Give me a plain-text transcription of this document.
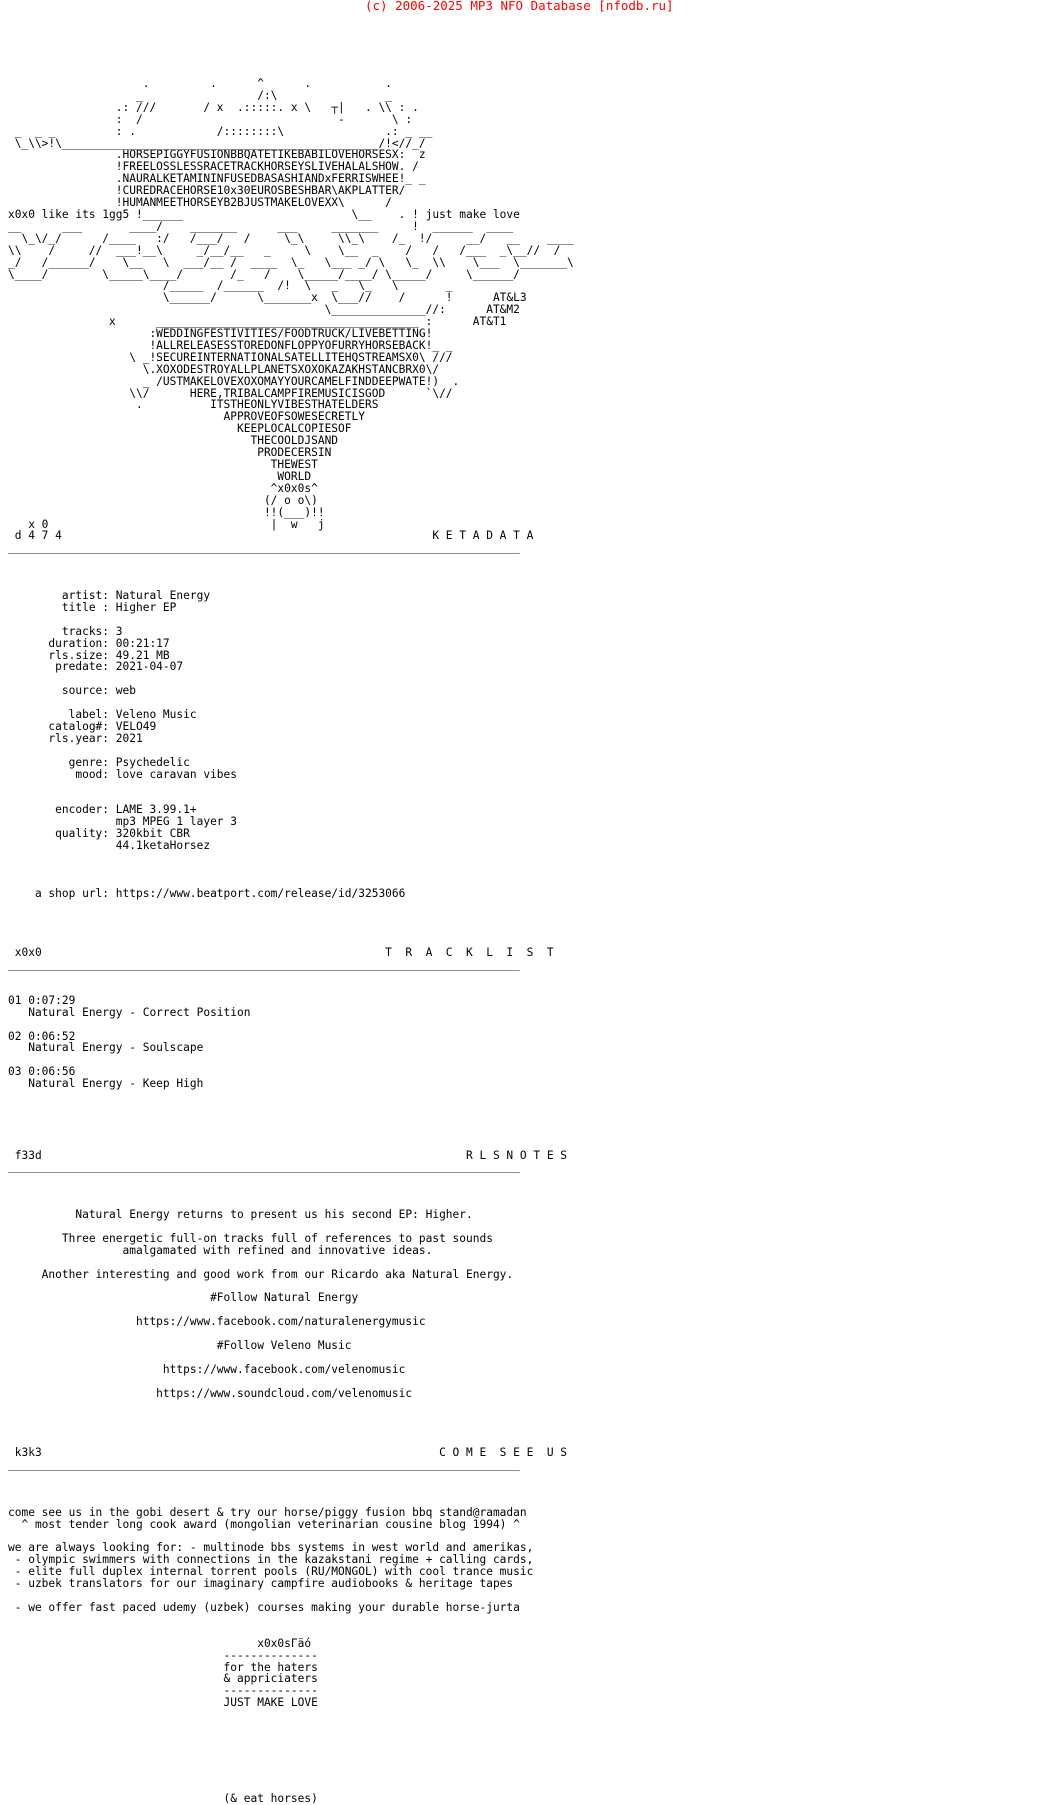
(c) 2006-2025 MP3 NFO Database [nfodb.ru]
.         .      ^      .           .
_                 /:\                _
.: ///       / x  .:::::. x \   ┬|   . \\ : .
:  /                             -       \ :
_  _ _         : .            /::::::::\               .: _ __
\_\\>!\_______________________________________________/!<//_/
.HORSEPIGGYFUSIONBBQATETIKEBABILOVEHORSESX:  z
!FREELOSSLESSRACETRACKHORSEYSLIVEHALALSHOW. /
.NAURALKETAMININFUSEDBASASHIANDxFERRISWHEE!_ _
!CUREDRACEHORSE10x30EUROSBESHBAR\AKPLATTER/
!HUMANMEETHORSEYB2BJUSTMAKELOVEXX\      /
x0x0 like its 1gg5 !______                         \__    . ! just make love
__      ___       ____/    _______      ___     _______     !  ______  ____
\_\/_/      /____   :/   /___/   /     \_\     \\_\    /_  !/     __/   __    ____
\\    /     //  ___!__\     _/__/__   _     \    \__  _    /   /   /___  _\__//  /
_/   /______/    \__   \  ___/__ /  ____  \_   \___ _/ \   \_  \\    \___  \_______\
\____/        \_____\____/       /_   /    \_____/____/ \_____/     \______/
/_____  /______  /!  \   _   \_   \       _
\______/      \_______x  \___//    /      !      AT&L3
\______________//:      AT&M2
x      _______________________________________ :      AT&T1
:WEDDINGFESTIVITIES/FOODTRUCK/LIVEBETTING!
!ALLRELEASESSTOREDONFLOPPYOFURRYHORSEBACK!_ _
\ _!SECUREINTERNATIONALSATELLITEHQSTREAMSX0\ ///
\.XOXODESTROYALLPLANETSXOXOKAZAKHSTANCBRX0\/
_ /USTMAKELOVEXOXOMAYYOURCAMELFINDDEEPWATE!)  .
\\/      HERE,TRIBALCAMPFIREMUSICISGOD      `\//
.          ITSTHEONLYVIBESTHATELDERS
APPROVEOFSOWESECRETLY
KEEPLOCALCOPIESOF
THECOOLDJSAND
PRODECERSIN
THEWEST
WORLD
^x0x0s^
(/ o o\)
!!(___)!!
x 0                                 |  w   j
d 4 7 4                                                       K E T A D A T A
____________________________________________________________________________

artist: Natural Energy
title : Higher EP

tracks: 3
duration: 00:21:17
rls.size: 49.21 MB
predate: 2021-04-07

source: web

label: Veleno Music
catalog#: VELO49
rls.year: 2021

genre: Psychedelic
mood: love caravan vibes

encoder: LAME 3.99.1+
mp3 MPEG 1 layer 3
quality: 320kbit CBR
44.1ketaHorsez

a shop url: https://www.beatport.com/release/id/3253066

x0x0                                                   T  R  A  C  K  L  I  S  T
____________________________________________________________________________

01 0:07:29
Natural Energy - Correct Position

02 0:06:52
Natural Energy - Soulscape

03 0:06:56
Natural Energy - Keep High

f33d                                                               R L S N O T E S
____________________________________________________________________________

Natural Energy returns to present us his second EP: Higher.

Three energetic full-on tracks full of references to past sounds
amalgamated with refined and innovative ideas.

Another interesting and good work from our Ricardo aka Natural Energy.

#Follow Natural Energy

https://www.facebook.com/naturalenergymusic

#Follow Veleno Music

https://www.facebook.com/velenomusic

https://www.soundcloud.com/velenomusic

k3k3                                                           C O M E  S E E  U S
____________________________________________________________________________

come see us in the gobi desert & try our horse/piggy fusion bbq stand@ramadan
^ most tender long cook award (mongolian veterinarian cousine blog 1994) ^

we are always looking for: - multinode bbs systems in west world and amerikas,
- olympic swimmers with connections in the kazakstani regime + calling cards,
- elite full duplex internal torrent pools (RU/MONGOL) with cool trance music
- uzbek translators for our imaginary campfire audiobooks & heritage tapes

- we offer fast paced udemy (uzbek) courses making your durable horse-jurta

x0x0sГäó
--------------
for the haters
& appriciaters
--------------
JUST MAKE LOVE

(& eat horses)
